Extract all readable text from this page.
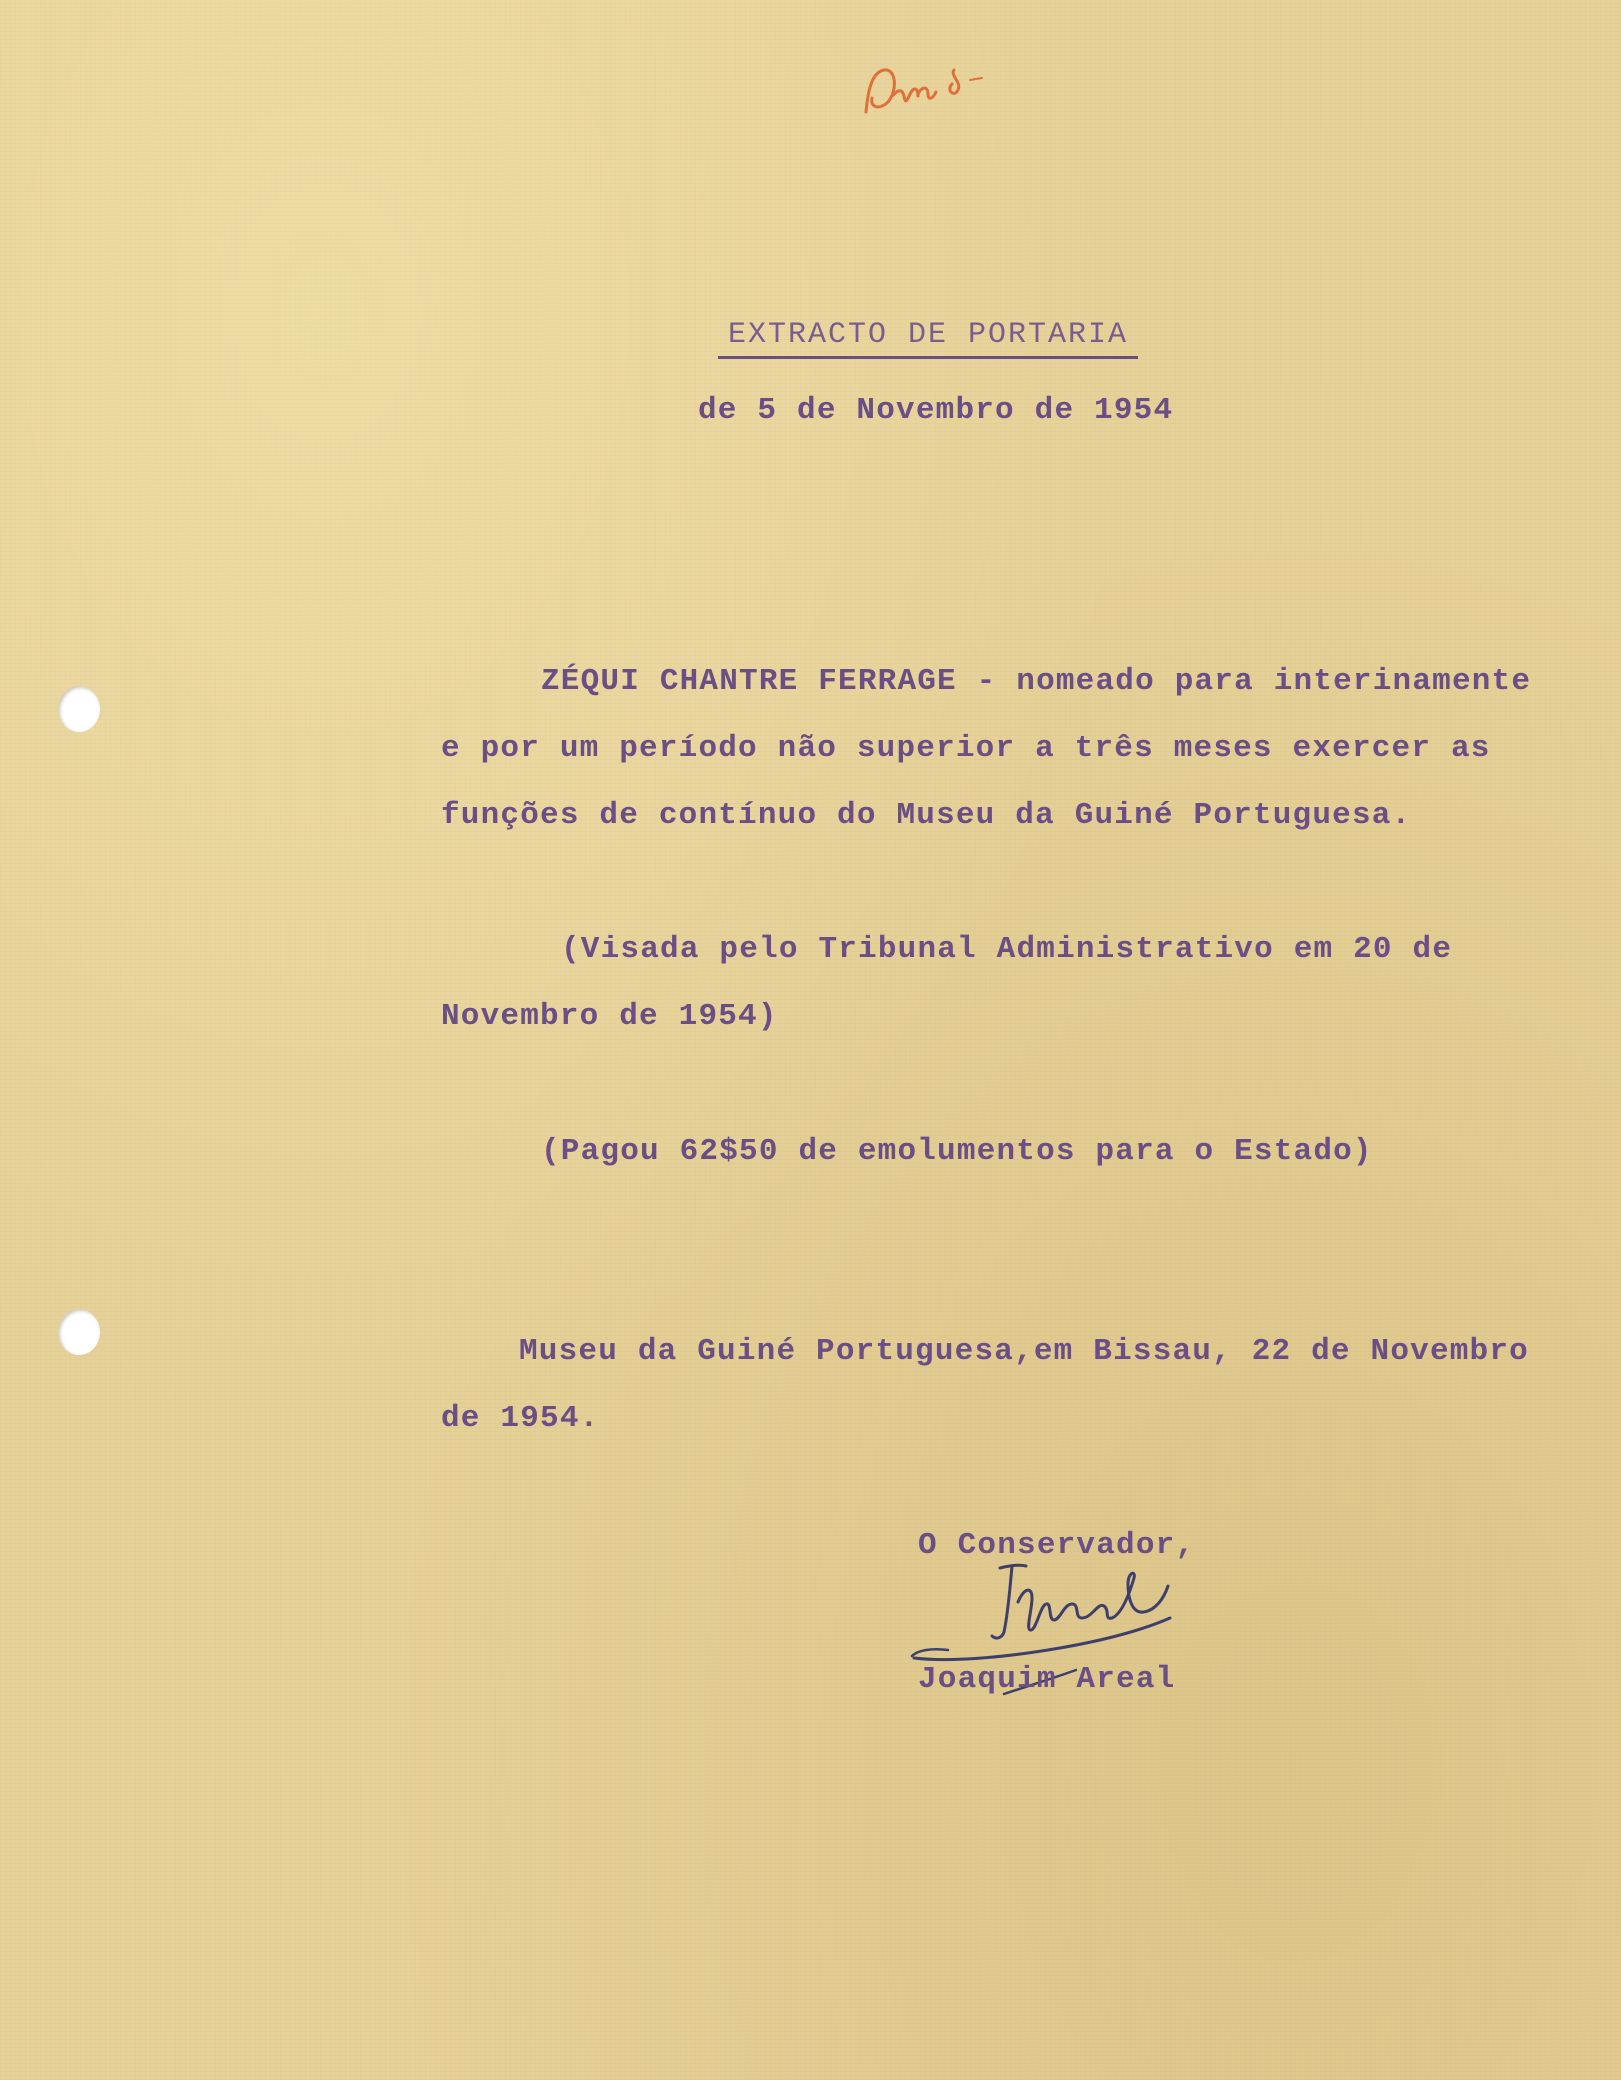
EXTRACTO DE PORTARIA

de 5 de Novembro de 1954

ZÉQUI CHANTRE FERRAGE - nomeado para interinamente
e por um período não superior a três meses exercer as
funções de contínuo do Museu da Guiné Portuguesa.
(Visada pelo Tribunal Administrativo em 20 de
Novembro de 1954)
(Pagou 62$50 de emolumentos para o Estado)
Museu da Guiné Portuguesa,em Bissau, 22 de Novembro
de 1954.

O Conservador,

Joaquim Areal
